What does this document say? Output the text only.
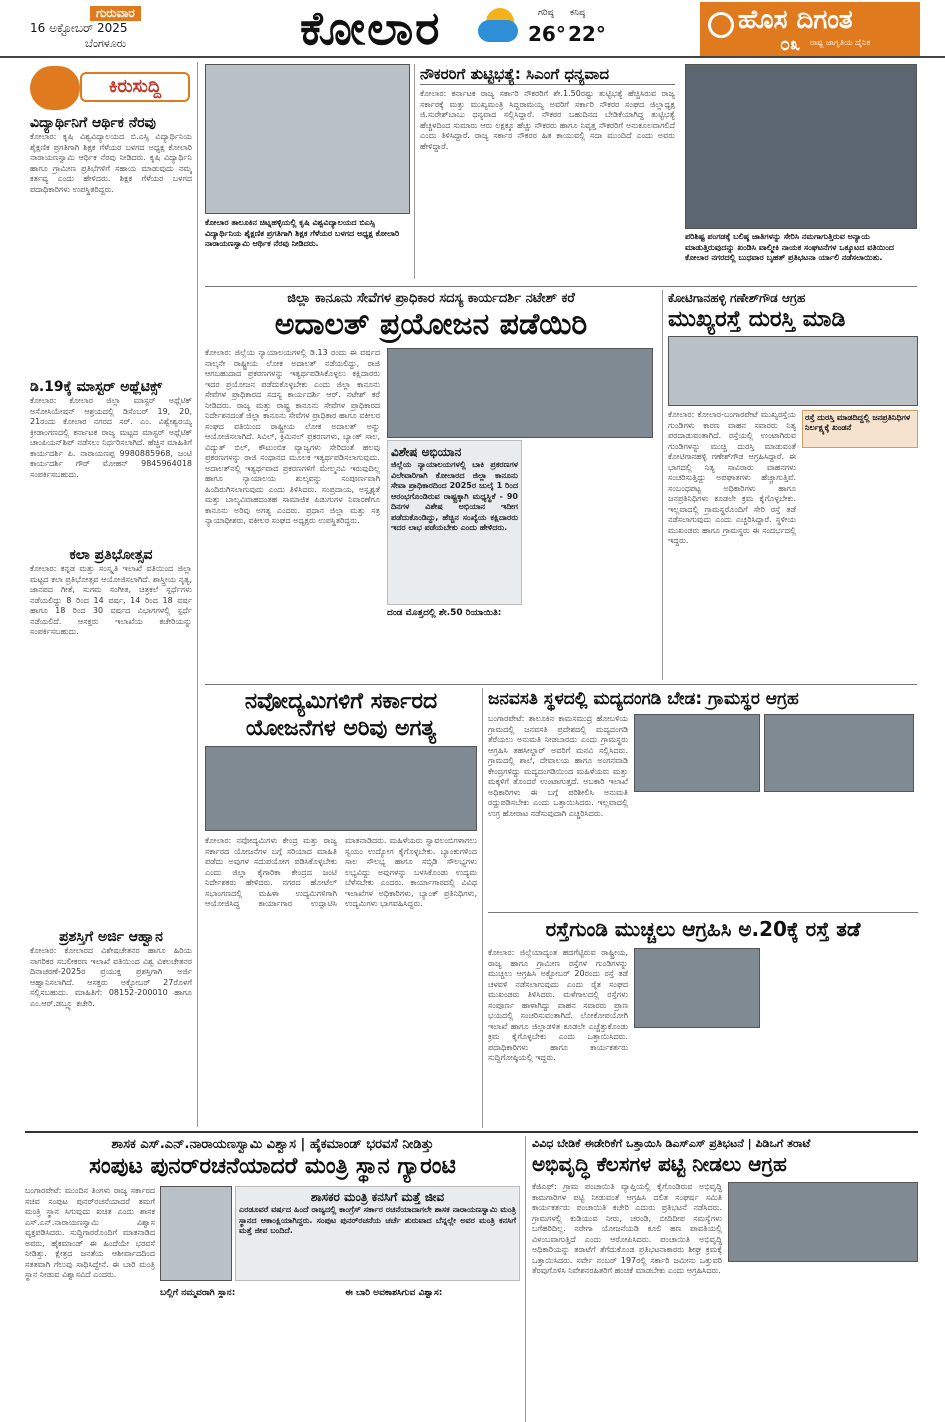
ಗುರುವಾರ
16 ಅಕ್ಟೋಬರ್ 2025
ಬೆಂಗಳೂರು	ಕೋಲಾರ	ಗರಿಷ್ಠ
26°
ಕನಿಷ್ಠ
22°	ಹೊಸ ದಿಗಂತ
ರಾಷ್ಟ್ರ ಜಾಗೃತಿಯ ದೈನಿಕ
೦೩
ಕಿರುಸುದ್ದಿ
ವಿದ್ಯಾರ್ಥಿನಿಗೆ ಆರ್ಥಿಕ ನೆರವು
ಕೋಲಾರ: ಕೃಷಿ ವಿಶ್ವವಿದ್ಯಾಲಯದ ಬಿ.ಎಸ್ಸಿ ವಿದ್ಯಾರ್ಥಿನಿಯ ಶೈಕ್ಷಣಿಕ ಪ್ರಗತಿಗಾಗಿ ಶಿಕ್ಷಕ ಗೆಳೆಯರ ಬಳಗದ ಅಧ್ಯಕ್ಷ ಕೋಲಾರಿ ನಾರಾಯಣಸ್ವಾಮಿ ಆರ್ಥಿಕ ನೆರವು ನೀಡಿದರು. ಕೃಷಿ ವಿದ್ಯಾರ್ಥಿನಿ ಹಾಗೂ ಗ್ರಾಮೀಣ ಪ್ರತಿಭೆಗಳಿಗೆ ಸಹಾಯ ಮಾಡುವುದು ನಮ್ಮ ಕರ್ತವ್ಯ ಎಂದು ಹೇಳಿದರು. ಶಿಕ್ಷಕ ಗೆಳೆಯರ ಬಳಗದ ಪದಾಧಿಕಾರಿಗಳು ಉಪಸ್ಥಿತರಿದ್ದರು.
ಡಿ.19ಕ್ಕೆ ಮಾಸ್ಟರ್ ಅಥ್ಲೆಟಿಕ್ಸ್
ಕೋಲಾರ: ಕೋಲಾರ ಜಿಲ್ಲಾ ಮಾಸ್ಟರ್ ಅಥ್ಲೆಟಿಕ್ ಅಸೋಸಿಯೇಷನ್ ಆಶ್ರಯದಲ್ಲಿ ಡಿಸೆಂಬರ್ 19, 20, 21ರಂದು ಕೋಲಾರ ನಗರದ ಸರ್. ಎಂ. ವಿಶ್ವೇಶ್ವರಯ್ಯ ಕ್ರೀಡಾಂಗಣದಲ್ಲಿ ಕರ್ನಾಟಕ ರಾಜ್ಯ ಮಟ್ಟದ ಮಾಸ್ಟರ್ ಅಥ್ಲೆಟಿಕ್ ಚಾಂಪಿಯನ್‌ಶಿಪ್ ನಡೆಸಲು ನಿರ್ಧರಿಸಲಾಗಿದೆ. ಹೆಚ್ಚಿನ ಮಾಹಿತಿಗೆ ಕಾರ್ಯದರ್ಶಿ ಪಿ. ನಾರಾಯಣಪ್ಪ 9980885968, ಜಂಟಿ ಕಾರ್ಯದರ್ಶಿ ಗೌರ್ ಮೋಹನ್ 9845964018 ಸಂಪರ್ಕಿಸಬಹುದು.
ಕಲಾ ಪ್ರತಿಭೋತ್ಸವ
ಕೋಲಾರ: ಕನ್ನಡ ಮತ್ತು ಸಂಸ್ಕೃತಿ ಇಲಾಖೆ ವತಿಯಿಂದ ಜಿಲ್ಲಾ ಮಟ್ಟದ ಕಲಾ ಪ್ರತಿಭೋತ್ಸವ ಆಯೋಜಿಸಲಾಗಿದೆ. ಶಾಸ್ತ್ರೀಯ ನೃತ್ಯ, ಜಾನಪದ ಗೀತೆ, ಸುಗಮ ಸಂಗೀತ, ಚಿತ್ರಕಲೆ ಸ್ಪರ್ಧೆಗಳು ನಡೆಯಲಿದ್ದು 8 ರಿಂದ 14 ವರ್ಷ, 14 ರಿಂದ 18 ವರ್ಷ ಹಾಗೂ 18 ರಿಂದ 30 ವರ್ಷದ ವಿಭಾಗಗಳಲ್ಲಿ ಸ್ಪರ್ಧೆ ನಡೆಯಲಿದೆ. ಆಸಕ್ತರು ಇಲಾಖೆಯ ಕಚೇರಿಯನ್ನು ಸಂಪರ್ಕಿಸಬಹುದು.
ಪ್ರಶಸ್ತಿಗೆ ಅರ್ಜಿ ಆಹ್ವಾನ
ಕೋಲಾರ: ಕೋಲಾರದ ವಿಶೇಷಚೇತನರ ಹಾಗೂ ಹಿರಿಯ ನಾಗರಿಕರ ಸಬಲೀಕರಣ ಇಲಾಖೆ ವತಿಯಿಂದ ವಿಶ್ವ ವಿಕಲಚೇತನರ ದಿನಾಚರಣೆ-2025ರ ಪ್ರಯುಕ್ತ ಪ್ರಶಸ್ತಿಗಾಗಿ ಅರ್ಜಿ ಆಹ್ವಾನಿಸಲಾಗಿದೆ. ಆಸಕ್ತರು ಅಕ್ಟೋಬರ್ 27ರೊಳಗೆ ಸಲ್ಲಿಸಬಹುದು. ಮಾಹಿತಿಗೆ: 08152-200010 ಹಾಗೂ ಎಂ.ಆರ್.ಡಬ್ಲ್ಯೂ ಕಚೇರಿ.
ಕೋಲಾರ ತಾಲೂಕಿನ ಚಿಟ್ನಹಳ್ಳಿಯಲ್ಲಿ ಕೃಷಿ ವಿಶ್ವವಿದ್ಯಾಲಯದ ಬಿಎಸ್ಸಿ ವಿದ್ಯಾರ್ಥಿನಿಯ ಶೈಕ್ಷಣಿಕ ಪ್ರಗತಿಗಾಗಿ ಶಿಕ್ಷಕ ಗೆಳೆಯರ ಬಳಗದ ಅಧ್ಯಕ್ಷ ಕೋಲಾರಿ ನಾರಾಯಣಸ್ವಾಮಿ ಆರ್ಥಿಕ ನೆರವು ನೀಡಿದರು.
ನೌಕರರಿಗೆ ತುಟ್ಟಿಭತ್ಯೆ: ಸಿಎಂಗೆ ಧನ್ಯವಾದ
ಕೋಲಾರ: ಕರ್ನಾಟಕ ರಾಜ್ಯ ಸರ್ಕಾರಿ ನೌಕರರಿಗೆ ಶೇ.1.50ರಷ್ಟು ತುಟ್ಟಿಭತ್ಯೆ ಹೆಚ್ಚಿಸಿರುವ ರಾಜ್ಯ ಸರ್ಕಾರಕ್ಕೆ ಮತ್ತು ಮುಖ್ಯಮಂತ್ರಿ ಸಿದ್ದರಾಮಯ್ಯ ಅವರಿಗೆ ಸರ್ಕಾರಿ ನೌಕರರ ಸಂಘದ ಜಿಲ್ಲಾಧ್ಯಕ್ಷ ಜಿ.ಸುರೇಶ್‌ಬಾಬು ಧನ್ಯವಾದ ಸಲ್ಲಿಸಿದ್ದಾರೆ. ನೌಕರರ ಬಹುದಿನದ ಬೇಡಿಕೆಯಾಗಿದ್ದ ತುಟ್ಟಿಭತ್ಯೆ ಹೆಚ್ಚಳದಿಂದ ಸುಮಾರು ಆರು ಲಕ್ಷಕ್ಕೂ ಹೆಚ್ಚು ನೌಕರರು ಹಾಗೂ ನಿವೃತ್ತ ನೌಕರರಿಗೆ ಅನುಕೂಲವಾಗಲಿದೆ ಎಂದು ತಿಳಿಸಿದ್ದಾರೆ. ರಾಜ್ಯ ಸರ್ಕಾರ ನೌಕರರ ಹಿತ ಕಾಯುವಲ್ಲಿ ಸದಾ ಮುಂದಿದೆ ಎಂದು ಅವರು ಹೇಳಿದ್ದಾರೆ.
ಪರಿಶಿಷ್ಟ ಪಂಗಡಕ್ಕೆ ಬಲಿಷ್ಠ ಜಾತಿಗಳನ್ನು ಸೇರಿಸಿ ನಮಗಾಗುತ್ತಿರುವ ಅನ್ಯಾಯ ಮಾಡುತ್ತಿರುವುದನ್ನು ಖಂಡಿಸಿ ವಾಲ್ಮೀಕಿ ನಾಯಕ ಸಂಘಟನೆಗಳ ಒಕ್ಕೂಟದ ವತಿಯಿಂದ ಕೋಲಾರ ನಗರದಲ್ಲಿ ಬುಧವಾರ ಬೃಹತ್ ಪ್ರತಿಭಟನಾ ರ್ಯಾಲಿ ನಡೆಸಲಾಯಿತು.
ಜಿಲ್ಲಾ ಕಾನೂನು ಸೇವೆಗಳ ಪ್ರಾಧಿಕಾರ ಸದಸ್ಯ ಕಾರ್ಯದರ್ಶಿ ನಟೇಶ್ ಕರೆ
ಅದಾಲತ್ ಪ್ರಯೋಜನ ಪಡೆಯಿರಿ
ಕೋಲಾರ: ಜಿಲ್ಲೆಯ ನ್ಯಾಯಾಲಯಗಳಲ್ಲಿ ಡಿ.13 ರಂದು ಈ ವರ್ಷದ ನಾಲ್ಕನೇ ರಾಷ್ಟ್ರೀಯ ಲೋಕ ಅದಾಲತ್ ನಡೆಯಲಿದ್ದು, ರಾಜಿ ಆಗಬಹುದಾದ ಪ್ರಕರಣಗಳನ್ನು ಇತ್ಯರ್ಥಪಡಿಸಿಕೊಳ್ಳಲು ಕಕ್ಷಿದಾರರು ಇದರ ಪ್ರಯೋಜನ ಪಡೆದುಕೊಳ್ಳಬೇಕು ಎಂದು ಜಿಲ್ಲಾ ಕಾನೂನು ಸೇವೆಗಳ ಪ್ರಾಧಿಕಾರದ ಸದಸ್ಯ ಕಾರ್ಯದರ್ಶಿ ಆರ್. ನಟೇಶ್ ಕರೆ ನೀಡಿದರು. ರಾಜ್ಯ ಮತ್ತು ರಾಷ್ಟ್ರ ಕಾನೂನು ಸೇವೆಗಳ ಪ್ರಾಧಿಕಾರದ ನಿರ್ದೇಶನದಂತೆ ಜಿಲ್ಲಾ ಕಾನೂನು ಸೇವೆಗಳ ಪ್ರಾಧಿಕಾರ ಹಾಗೂ ವಕೀಲರ ಸಂಘದ ವತಿಯಿಂದ ರಾಷ್ಟ್ರೀಯ ಲೋಕ ಅದಾಲತ್ ಅನ್ನು ಆಯೋಜಿಸಲಾಗಿದೆ. ಸಿವಿಲ್, ಕ್ರಿಮಿನಲ್ ಪ್ರಕರಣಗಳು, ಬ್ಯಾಂಕ್ ಸಾಲ, ವಿದ್ಯುತ್ ಬಿಲ್, ಕೌಟುಂಬಿಕ ವ್ಯಾಜ್ಯಗಳು ಸೇರಿದಂತೆ ಹಲವು ಪ್ರಕರಣಗಳನ್ನು ರಾಜಿ ಸಂಧಾನದ ಮೂಲಕ ಇತ್ಯರ್ಥಪಡಿಸಲಾಗುವುದು. ಅದಾಲತ್‌ನಲ್ಲಿ ಇತ್ಯರ್ಥವಾದ ಪ್ರಕರಣಗಳಿಗೆ ಮೇಲ್ಮನವಿ ಇರುವುದಿಲ್ಲ ಹಾಗೂ ನ್ಯಾಯಾಲಯ ಶುಲ್ಕವನ್ನು ಸಂಪೂರ್ಣವಾಗಿ ಹಿಂದಿರುಗಿಸಲಾಗುವುದು ಎಂದು ತಿಳಿಸಿದರು. ಸಂಪ್ರದಾಯ, ಅಸ್ಪೃಶ್ಯತೆ ಮತ್ತು ಬಾಲ್ಯವಿವಾಹದಂತಹ ಸಾಮಾಜಿಕ ಪಿಡುಗುಗಳ ನಿವಾರಣೆಗೂ ಕಾನೂನು ಅರಿವು ಅಗತ್ಯ ಎಂದರು. ಪ್ರಧಾನ ಜಿಲ್ಲಾ ಮತ್ತು ಸತ್ರ ನ್ಯಾಯಾಧೀಶರು, ವಕೀಲರ ಸಂಘದ ಅಧ್ಯಕ್ಷರು ಉಪಸ್ಥಿತರಿದ್ದರು.
ವಿಶೇಷ ಅಭಿಯಾನ
ಜಿಲ್ಲೆಯ ನ್ಯಾಯಾಲಯಗಳಲ್ಲಿ ಬಾಕಿ ಪ್ರಕರಣಗಳ ವಿಲೇವಾರಿಗಾಗಿ ಕೋಲಾರದ ಜಿಲ್ಲಾ ಕಾನೂನು ಸೇವಾ ಪ್ರಾಧಿಕಾರದಿಂದ 2025ರ ಜುಲೈ 1 ರಿಂದ ಆರಂಭಗೊಂಡಿರುವ ರಾಷ್ಟ್ರಕ್ಕಾಗಿ ಮಧ್ಯಸ್ಥಿಕೆ - 90 ದಿನಗಳ ವಿಶೇಷ ಅಭಿಯಾನ ಇದೀಗ ಪಡೆದುಕೊಂಡಿದ್ದು, ಹೆಚ್ಚಿನ ಸಂಖ್ಯೆಯ ಕಕ್ಷಿದಾರರು ಇದರ ಲಾಭ ಪಡೆಯಬೇಕು ಎಂದು ಹೇಳಿದರು.
ದಂಡ ಮೊತ್ತದಲ್ಲಿ ಶೇ.50 ರಿಯಾಯಿತಿ:
ಕೋಟಿಗಾನಹಳ್ಳಿ ಗಣೇಶ್‌ಗೌಡ ಆಗ್ರಹ
ಮುಖ್ಯರಸ್ತೆ ದುರಸ್ತಿ ಮಾಡಿ
ರಸ್ತೆ ದುರಸ್ತಿ ಮಾಡದಿದ್ದಲ್ಲಿ ಜನಪ್ರತಿನಿಧಿಗಳ ನಿರ್ಲಕ್ಷ್ಯಕ್ಕೆ ಖಂಡನೆ
ಕೋಲಾರ: ಕೋಲಾರ-ಬಂಗಾರಪೇಟೆ ಮುಖ್ಯರಸ್ತೆಯ ಗುಂಡಿಗಳು ಕಾರಣ ವಾಹನ ಸವಾರರು ನಿತ್ಯ ಪರದಾಡುವಂತಾಗಿದೆ. ರಸ್ತೆಯಲ್ಲಿ ಉಂಟಾಗಿರುವ ಗುಂಡಿಗಳನ್ನು ಮುಚ್ಚಿ ದುರಸ್ತಿ ಮಾಡುವಂತೆ ಕೋಟಿಗಾನಹಳ್ಳಿ ಗಣೇಶ್‌ಗೌಡ ಆಗ್ರಹಿಸಿದ್ದಾರೆ. ಈ ಭಾಗದಲ್ಲಿ ನಿತ್ಯ ಸಾವಿರಾರು ವಾಹನಗಳು ಸಂಚರಿಸುತ್ತಿದ್ದು ಅಪಘಾತಗಳು ಹೆಚ್ಚಾಗುತ್ತಿವೆ. ಸಂಬಂಧಪಟ್ಟ ಅಧಿಕಾರಿಗಳು ಹಾಗೂ ಜನಪ್ರತಿನಿಧಿಗಳು ಕೂಡಲೇ ಕ್ರಮ ಕೈಗೊಳ್ಳಬೇಕು. ಇಲ್ಲವಾದಲ್ಲಿ ಗ್ರಾಮಸ್ಥರೊಂದಿಗೆ ಸೇರಿ ರಸ್ತೆ ತಡೆ ನಡೆಸಲಾಗುವುದು ಎಂದು ಎಚ್ಚರಿಸಿದ್ದಾರೆ. ಸ್ಥಳೀಯ ಮುಖಂಡರು ಹಾಗೂ ಗ್ರಾಮಸ್ಥರು ಈ ಸಂದರ್ಭದಲ್ಲಿ ಇದ್ದರು.
ನವೋದ್ಯಮಿಗಳಿಗೆ ಸರ್ಕಾರದ ಯೋಜನೆಗಳ ಅರಿವು ಅಗತ್ಯ
ಕೋಲಾರ: ನವೋದ್ಯಮಿಗಳು ಕೇಂದ್ರ ಮತ್ತು ರಾಜ್ಯ ಸರ್ಕಾರದ ಯೋಜನೆಗಳ ಬಗ್ಗೆ ಸರಿಯಾದ ಮಾಹಿತಿ ಪಡೆದು ಅವುಗಳ ಸದುಪಯೋಗ ಪಡಿಸಿಕೊಳ್ಳಬೇಕು ಎಂದು ಜಿಲ್ಲಾ ಕೈಗಾರಿಕಾ ಕೇಂದ್ರದ ಜಂಟಿ ನಿರ್ದೇಶಕರು ಹೇಳಿದರು. ನಗರದ ಹೋಟೆಲ್ ಸಭಾಂಗಣದಲ್ಲಿ ಮಹಿಳಾ ಉದ್ಯಮಿಗಳಿಗಾಗಿ ಆಯೋಜಿಸಿದ್ದ ಕಾರ್ಯಾಗಾರ ಉದ್ಘಾಟಿಸಿ ಮಾತನಾಡಿದರು. ಮಹಿಳೆಯರು ಸ್ವಾವಲಂಬಿಗಳಾಗಲು ಸ್ವಯಂ ಉದ್ಯೋಗ ಕೈಗೊಳ್ಳಬೇಕು. ಬ್ಯಾಂಕುಗಳಿಂದ ಸಾಲ ಸೌಲಭ್ಯ ಹಾಗೂ ಸಬ್ಸಿಡಿ ಸೌಲಭ್ಯಗಳು ಲಭ್ಯವಿದ್ದು ಅವುಗಳನ್ನು ಬಳಸಿಕೊಂಡು ಉದ್ಯಮ ಬೆಳೆಸಬೇಕು ಎಂದರು. ಕಾರ್ಯಾಗಾರದಲ್ಲಿ ವಿವಿಧ ಇಲಾಖೆಗಳ ಅಧಿಕಾರಿಗಳು, ಬ್ಯಾಂಕ್ ಪ್ರತಿನಿಧಿಗಳು, ಉದ್ಯಮಿಗಳು ಭಾಗವಹಿಸಿದ್ದರು.
ಜನವಸತಿ ಸ್ಥಳದಲ್ಲಿ ಮದ್ಯದಂಗಡಿ ಬೇಡ: ಗ್ರಾಮಸ್ಥರ ಆಗ್ರಹ
ಬಂಗಾರಪೇಟೆ: ತಾಲೂಕಿನ ಕಾಮಸಮುದ್ರ ಹೋಬಳಿಯ ಗ್ರಾಮದಲ್ಲಿ ಜನವಸತಿ ಪ್ರದೇಶದಲ್ಲಿ ಮದ್ಯದಂಗಡಿ ತೆರೆಯಲು ಅನುಮತಿ ನೀಡಬಾರದು ಎಂದು ಗ್ರಾಮಸ್ಥರು ಆಗ್ರಹಿಸಿ ತಹಸೀಲ್ದಾರ್ ಅವರಿಗೆ ಮನವಿ ಸಲ್ಲಿಸಿದರು. ಗ್ರಾಮದಲ್ಲಿ ಶಾಲೆ, ದೇವಾಲಯ ಹಾಗೂ ಅಂಗನವಾಡಿ ಕೇಂದ್ರಗಳಿದ್ದು ಮದ್ಯದಂಗಡಿಯಿಂದ ಮಹಿಳೆಯರು ಮತ್ತು ಮಕ್ಕಳಿಗೆ ತೊಂದರೆ ಉಂಟಾಗುತ್ತದೆ. ಅಬಕಾರಿ ಇಲಾಖೆ ಅಧಿಕಾರಿಗಳು ಈ ಬಗ್ಗೆ ಪರಿಶೀಲಿಸಿ ಅನುಮತಿ ರದ್ದುಪಡಿಸಬೇಕು ಎಂದು ಒತ್ತಾಯಿಸಿದರು. ಇಲ್ಲವಾದಲ್ಲಿ ಉಗ್ರ ಹೋರಾಟ ನಡೆಸುವುದಾಗಿ ಎಚ್ಚರಿಸಿದರು.
ರಸ್ತೆಗುಂಡಿ ಮುಚ್ಚಲು ಆಗ್ರಹಿಸಿ ಅ.20ಕ್ಕೆ ರಸ್ತೆ ತಡೆ
ಕೋಲಾರ: ಜಿಲ್ಲೆಯಾದ್ಯಂತ ಹದಗೆಟ್ಟಿರುವ ರಾಷ್ಟ್ರೀಯ, ರಾಜ್ಯ ಹಾಗೂ ಗ್ರಾಮೀಣ ರಸ್ತೆಗಳ ಗುಂಡಿಗಳನ್ನು ಮುಚ್ಚಲು ಆಗ್ರಹಿಸಿ ಅಕ್ಟೋಬರ್ 20ರಂದು ರಸ್ತೆ ತಡೆ ಚಳವಳಿ ನಡೆಸಲಾಗುವುದು ಎಂದು ರೈತ ಸಂಘದ ಮುಖಂಡರು ತಿಳಿಸಿದರು. ಮಳೆಗಾಲದಲ್ಲಿ ರಸ್ತೆಗಳು ಸಂಪೂರ್ಣ ಹಾಳಾಗಿದ್ದು ವಾಹನ ಸವಾರರು ಪ್ರಾಣ ಭಯದಲ್ಲಿ ಸಂಚರಿಸುವಂತಾಗಿದೆ. ಲೋಕೋಪಯೋಗಿ ಇಲಾಖೆ ಹಾಗೂ ಜಿಲ್ಲಾಡಳಿತ ಕೂಡಲೇ ಎಚ್ಚೆತ್ತುಕೊಂಡು ಕ್ರಮ ಕೈಗೊಳ್ಳಬೇಕು ಎಂದು ಒತ್ತಾಯಿಸಿದರು. ಪದಾಧಿಕಾರಿಗಳು ಹಾಗೂ ಕಾರ್ಯಕರ್ತರು ಸುದ್ದಿಗೋಷ್ಠಿಯಲ್ಲಿ ಇದ್ದರು.
ಶಾಸಕ ಎಸ್.ಎನ್.ನಾರಾಯಣಸ್ವಾಮಿ ವಿಶ್ವಾಸ | ಹೈಕಮಾಂಡ್ ಭರವಸೆ ನೀಡಿತ್ತು
ಸಂಪುಟ ಪುನರ್‌ರಚನೆಯಾದರೆ ಮಂತ್ರಿ ಸ್ಥಾನ ಗ್ಯಾರಂಟಿ
ಬಂಗಾರಪೇಟೆ: ಮುಂದಿನ ತಿಂಗಳು ರಾಜ್ಯ ಸರ್ಕಾರದ ಸಚಿವ ಸಂಪುಟ ಪುನರ್‌ರಚನೆಯಾದರೆ ತಮಗೆ ಮಂತ್ರಿ ಸ್ಥಾನ ಸಿಗುವುದು ಖಚಿತ ಎಂದು ಶಾಸಕ ಎಸ್.ಎನ್.ನಾರಾಯಣಸ್ವಾಮಿ ವಿಶ್ವಾಸ ವ್ಯಕ್ತಪಡಿಸಿದರು. ಸುದ್ದಿಗಾರರೊಂದಿಗೆ ಮಾತನಾಡಿದ ಅವರು, ಹೈಕಮಾಂಡ್ ಈ ಹಿಂದೆಯೇ ಭರವಸೆ ನೀಡಿತ್ತು. ಕ್ಷೇತ್ರದ ಜನತೆಯ ಆಶೀರ್ವಾದದಿಂದ ಸತತವಾಗಿ ಗೆಲುವು ಸಾಧಿಸಿದ್ದೇನೆ. ಈ ಬಾರಿ ಮಂತ್ರಿ ಸ್ಥಾನ ನೀಡುವ ವಿಶ್ವಾಸವಿದೆ ಎಂದರು.
ಶಾಸಕರ ಮಂತ್ರಿ ಕನಸಿಗೆ ಮತ್ತೆ ಜೀವ
ಎರಡೂವರೆ ವರ್ಷದ ಹಿಂದೆ ರಾಜ್ಯದಲ್ಲಿ ಕಾಂಗ್ರೆಸ್ ಸರ್ಕಾರ ರಚನೆಯಾದಾಗಲೇ ಶಾಸಕ ನಾರಾಯಣಸ್ವಾಮಿ ಮಂತ್ರಿ ಸ್ಥಾನದ ಆಕಾಂಕ್ಷಿಯಾಗಿದ್ದರು. ಸಂಪುಟ ಪುನರ್‌ರಚನೆಯ ಚರ್ಚೆ ಶುರುವಾದ ಬೆನ್ನಲ್ಲೇ ಅವರ ಮಂತ್ರಿ ಕನಸಿಗೆ ಮತ್ತೆ ಜೀವ ಬಂದಿದೆ.
ಬಲ್ಲಿಗೆ ನಮ್ಮವರಾಗಿ ಸ್ಥಾನ:	ಈ ಬಾರಿ ಅವಕಾಶಸಿಗುವ ವಿಶ್ವಾಸ:
ವಿವಿಧ ಬೇಡಿಕೆ ಈಡೇರಿಕೆಗೆ ಒತ್ತಾಯಿಸಿ ಡಿಎಸ್‌ಎಸ್ ಪ್ರತಿಭಟನೆ | ಪಿಡಿಒಗೆ ತರಾಟೆ
ಅಭಿವೃದ್ಧಿ ಕೆಲಸಗಳ ಪಟ್ಟಿ ನೀಡಲು ಆಗ್ರಹ
ಕೆಜಿಎಫ್: ಗ್ರಾಮ ಪಂಚಾಯಿತಿ ವ್ಯಾಪ್ತಿಯಲ್ಲಿ ಕೈಗೊಂಡಿರುವ ಅಭಿವೃದ್ಧಿ ಕಾಮಗಾರಿಗಳ ಪಟ್ಟಿ ನೀಡುವಂತೆ ಆಗ್ರಹಿಸಿ ದಲಿತ ಸಂಘರ್ಷ ಸಮಿತಿ ಕಾರ್ಯಕರ್ತರು ಪಂಚಾಯಿತಿ ಕಚೇರಿ ಎದುರು ಪ್ರತಿಭಟನೆ ನಡೆಸಿದರು. ಗ್ರಾಮಗಳಲ್ಲಿ ಕುಡಿಯುವ ನೀರು, ಚರಂಡಿ, ಬೀದಿದೀಪ ಸಮಸ್ಯೆಗಳು ಬಗೆಹರಿದಿಲ್ಲ. ನರೇಗಾ ಯೋಜನೆಯಡಿ ಕೂಲಿ ಹಣ ಪಾವತಿಯಲ್ಲಿ ವಿಳಂಬವಾಗುತ್ತಿದೆ ಎಂದು ಆರೋಪಿಸಿದರು. ಪಂಚಾಯಿತಿ ಅಭಿವೃದ್ಧಿ ಅಧಿಕಾರಿಯನ್ನು ತರಾಟೆಗೆ ತೆಗೆದುಕೊಂಡ ಪ್ರತಿಭಟನಾಕಾರರು ಶೀಘ್ರ ಕ್ರಮಕ್ಕೆ ಒತ್ತಾಯಿಸಿದರು. ಸರ್ವೇ ನಂಬರ್ 197ರಲ್ಲಿ ಸರ್ಕಾರಿ ಜಮೀನು ಒತ್ತುವರಿ ತೆರವುಗೊಳಿಸಿ ನಿವೇಶನರಹಿತರಿಗೆ ಹಂಚಿಕೆ ಮಾಡಬೇಕು ಎಂದು ಆಗ್ರಹಿಸಿದರು.
